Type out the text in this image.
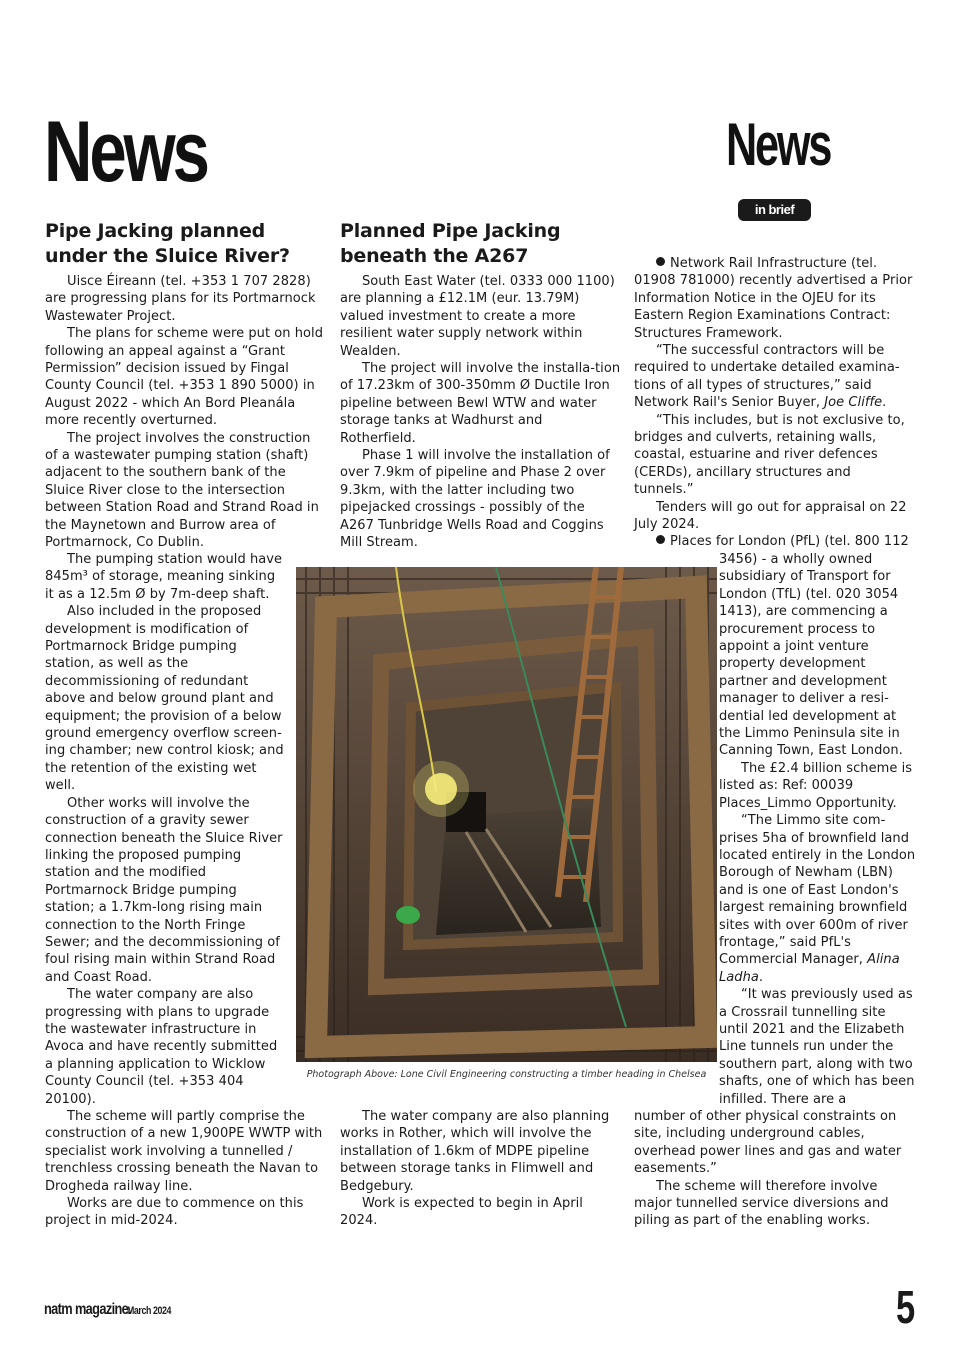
News	News
in brief
Pipe Jacking planned
under the Sluice River?

Uisce Éireann (tel. +353 1 707 2828) are progressing plans for its Portmarnock Wastewater Project.

The plans for scheme were put on hold following an appeal against a “Grant Permission” decision issued by Fingal County Council (tel. +353 1 890 5000) in August 2022 - which An Bord Pleanála more recently overturned.

The project involves the construction of a wastewater pumping station (shaft) adjacent to the southern bank of the Sluice River close to the intersection between Station Road and Strand Road in the Maynetown and Burrow area of Portmarnock, Co Dublin.

The pumping station would have 845m³ of storage, meaning sinking it as a 12.5m Ø by 7m-deep shaft.

Also included in the proposed development is modification of Portmarnock Bridge pumping station, as well as the decommissioning of redundant above and below ground plant and equipment; the provision of a below ground emergency overflow screen-ing chamber; new control kiosk; and the retention of the existing wet well.

Other works will involve the construction of a gravity sewer connection beneath the Sluice River linking the proposed pumping station and the modified Portmarnock Bridge pumping station; a 1.7km-long rising main connection to the North Fringe Sewer; and the decommissioning of foul rising main within Strand Road and Coast Road.

The water company are also progressing with plans to upgrade the wastewater infrastructure in Avoca and have recently submitted a planning application to Wicklow County Council (tel. +353 404 20100).

The scheme will partly comprise the construction of a new 1,900PE WWTP with specialist work involving a tunnelled / trenchless crossing beneath the Navan to Drogheda railway line.

Works are due to commence on this project in mid-2024.

Planned Pipe Jacking
beneath the A267

South East Water (tel. 0333 000 1100) are planning a £12.1M (eur. 13.79M) valued investment to create a more resilient water supply network within Wealden.

The project will involve the installa-tion of 17.23km of 300-350mm Ø Ductile Iron pipeline between Bewl WTW and water storage tanks at Wadhurst and Rotherfield.

Phase 1 will involve the installation of over 7.9km of pipeline and Phase 2 over 9.3km, with the latter including two pipejacked crossings - possibly of the A267 Tunbridge Wells Road and Coggins Mill Stream.

The water company are also planning works in Rother, which will involve the installation of 1.6km of MDPE pipeline between storage tanks in Flimwell and Bedgebury.

Work is expected to begin in April 2024.

Photograph Above: Lone Civil Engineering constructing a timber heading in Chelsea

Network Rail Infrastructure (tel. 01908 781000) recently advertised a Prior Information Notice in the OJEU for its Eastern Region Examinations Contract: Structures Framework.

“The successful contractors will be required to undertake detailed examina-tions of all types of structures,” said Network Rail's Senior Buyer, Joe Cliffe.

“This includes, but is not exclusive to, bridges and culverts, retaining walls, coastal, estuarine and river defences (CERDs), ancillary structures and tunnels.”

Tenders will go out for appraisal on 22 July 2024.

Places for London (PfL) (tel. 800 112

3456) - a wholly owned subsidiary of Transport for London (TfL) (tel. 020 3054 1413), are commencing a procurement process to appoint a joint venture property development partner and development manager to deliver a resi-dential led development at the Limmo Peninsula site in Canning Town, East London.

The £2.4 billion scheme is listed as: Ref: 00039 Places_Limmo Opportunity.

“The Limmo site com-prises 5ha of brownfield land located entirely in the London Borough of Newham (LBN) and is one of East London's largest remaining brownfield sites with over 600m of river frontage,” said PfL's Commercial Manager, Alina Ladha.

“It was previously used as a Crossrail tunnelling site until 2021 and the Elizabeth Line tunnels run under the southern part, along with two shafts, one of which has been infilled. There are a

number of other physical constraints on site, including underground cables, overhead power lines and gas and water easements.”

The scheme will therefore involve major tunnelled service diversions and piling as part of the enabling works.

natm magazine.
March 2024	5
